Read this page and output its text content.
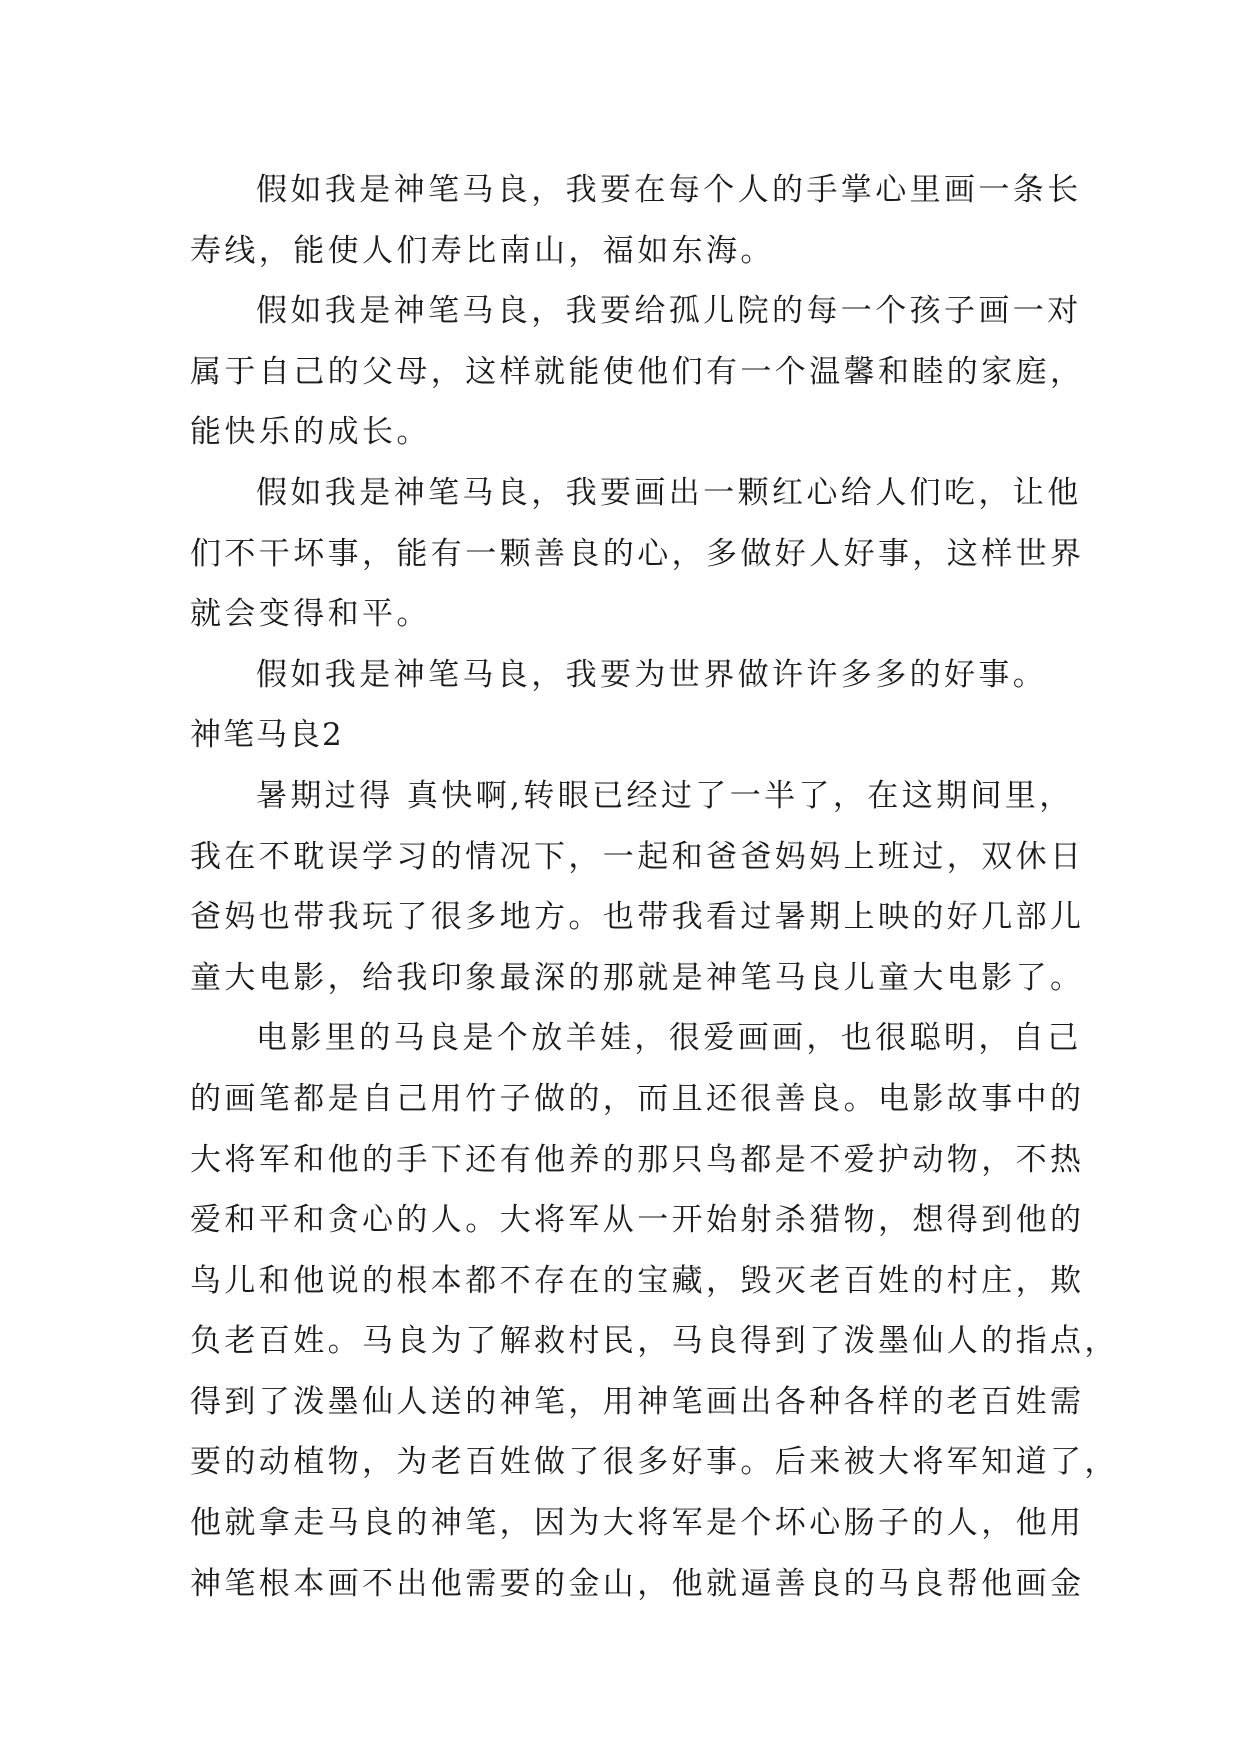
假如我是神笔马良，我要在每个人的手掌心里画一条长
寿线，能使人们寿比南山，福如东海。
假如我是神笔马良，我要给孤儿院的每一个孩子画一对
属于自己的父母，这样就能使他们有一个温馨和睦的家庭，
能快乐的成长。
假如我是神笔马良，我要画出一颗红心给人们吃，让他
们不干坏事，能有一颗善良的心，多做好人好事，这样世界
就会变得和平。
假如我是神笔马良，我要为世界做许许多多的好事。
神笔马良2
暑期过得 真快啊,转眼已经过了一半了，在这期间里，
我在不耽误学习的情况下，一起和爸爸妈妈上班过，双休日
爸妈也带我玩了很多地方。也带我看过暑期上映的好几部儿
童大电影，给我印象最深的那就是神笔马良儿童大电影了。
电影里的马良是个放羊娃，很爱画画，也很聪明，自己
的画笔都是自己用竹子做的，而且还很善良。电影故事中的
大将军和他的手下还有他养的那只鸟都是不爱护动物，不热
爱和平和贪心的人。大将军从一开始射杀猎物，想得到他的
鸟儿和他说的根本都不存在的宝藏，毁灭老百姓的村庄，欺
负老百姓。马良为了解救村民，马良得到了泼墨仙人的指点，
得到了泼墨仙人送的神笔，用神笔画出各种各样的老百姓需
要的动植物，为老百姓做了很多好事。后来被大将军知道了，
他就拿走马良的神笔，因为大将军是个坏心肠子的人，他用
神笔根本画不出他需要的金山，他就逼善良的马良帮他画金
